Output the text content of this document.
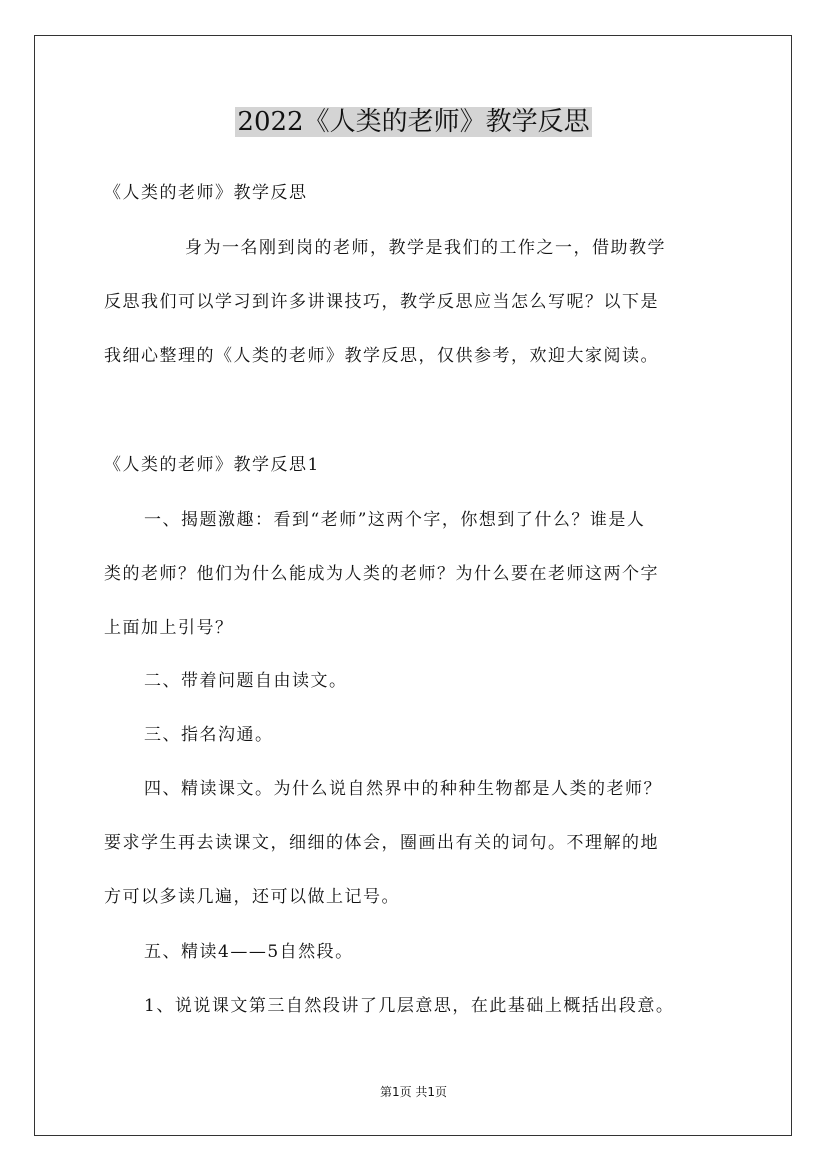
2022《人类的老师》教学反思
《人类的老师》教学反思
身为一名刚到岗的老师，教学是我们的工作之一，借助教学
反思我们可以学习到许多讲课技巧，教学反思应当怎么写呢？以下是
我细心整理的《人类的老师》教学反思，仅供参考，欢迎大家阅读。
《人类的老师》教学反思1
一、揭题激趣：看到“老师”这两个字，你想到了什么？谁是人
类的老师？他们为什么能成为人类的老师？为什么要在老师这两个字
上面加上引号？
二、带着问题自由读文。
三、指名沟通。
四、精读课文。为什么说自然界中的种种生物都是人类的老师？
要求学生再去读课文，细细的体会，圈画出有关的词句。不理解的地
方可以多读几遍，还可以做上记号。
五、精读4——5自然段。
1、说说课文第三自然段讲了几层意思，在此基础上概括出段意。
第1页 共1页
